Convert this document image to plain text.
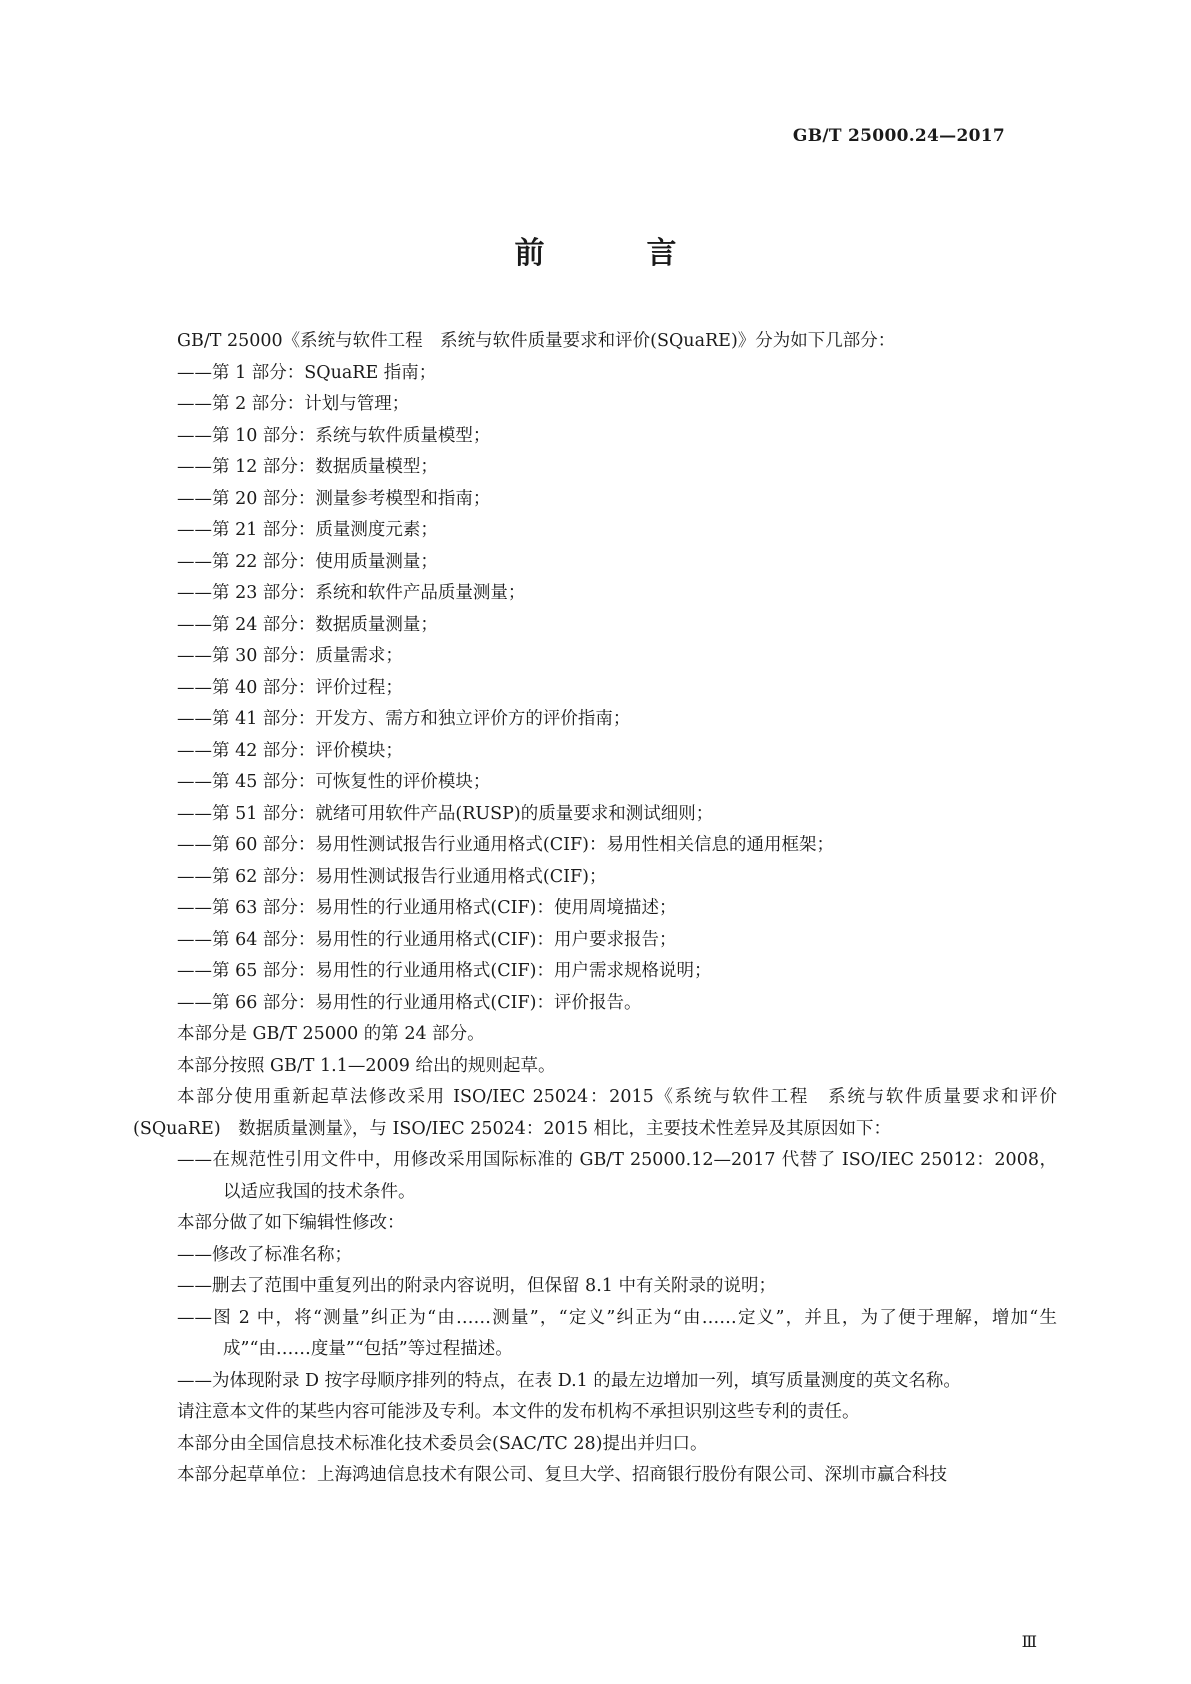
GB/T 25000.24—2017
前　言
GB/T 25000《系统与软件工程　系统与软件质量要求和评价(SQuaRE)》分为如下几部分：
——第 1 部分：SQuaRE 指南；
——第 2 部分：计划与管理；
——第 10 部分：系统与软件质量模型；
——第 12 部分：数据质量模型；
——第 20 部分：测量参考模型和指南；
——第 21 部分：质量测度元素；
——第 22 部分：使用质量测量；
——第 23 部分：系统和软件产品质量测量；
——第 24 部分：数据质量测量；
——第 30 部分：质量需求；
——第 40 部分：评价过程；
——第 41 部分：开发方、需方和独立评价方的评价指南；
——第 42 部分：评价模块；
——第 45 部分：可恢复性的评价模块；
——第 51 部分：就绪可用软件产品(RUSP)的质量要求和测试细则；
——第 60 部分：易用性测试报告行业通用格式(CIF)：易用性相关信息的通用框架；
——第 62 部分：易用性测试报告行业通用格式(CIF)；
——第 63 部分：易用性的行业通用格式(CIF)：使用周境描述；
——第 64 部分：易用性的行业通用格式(CIF)：用户要求报告；
——第 65 部分：易用性的行业通用格式(CIF)：用户需求规格说明；
——第 66 部分：易用性的行业通用格式(CIF)：评价报告。
本部分是 GB/T 25000 的第 24 部分。
本部分按照 GB/T 1.1—2009 给出的规则起草。
本部分使用重新起草法修改采用 ISO/IEC 25024：2015《系统与软件工程　系统与软件质量要求和评价(SQuaRE)　数据质量测量》，与 ISO/IEC 25024：2015 相比，主要技术性差异及其原因如下：
——在规范性引用文件中，用修改采用国际标准的 GB/T 25000.12—2017 代替了 ISO/IEC 25012：2008，以适应我国的技术条件。
本部分做了如下编辑性修改：
——修改了标准名称；
——删去了范围中重复列出的附录内容说明，但保留 8.1 中有关附录的说明；
——图 2 中，将“测量”纠正为“由……测量”，“定义”纠正为“由……定义”，并且，为了便于理解，增加“生成”“由……度量”“包括”等过程描述。
——为体现附录 D 按字母顺序排列的特点，在表 D.1 的最左边增加一列，填写质量测度的英文名称。
请注意本文件的某些内容可能涉及专利。本文件的发布机构不承担识别这些专利的责任。
本部分由全国信息技术标准化技术委员会(SAC/TC 28)提出并归口。
本部分起草单位：上海鸿迪信息技术有限公司、复旦大学、招商银行股份有限公司、深圳市赢合科技
Ⅲ
